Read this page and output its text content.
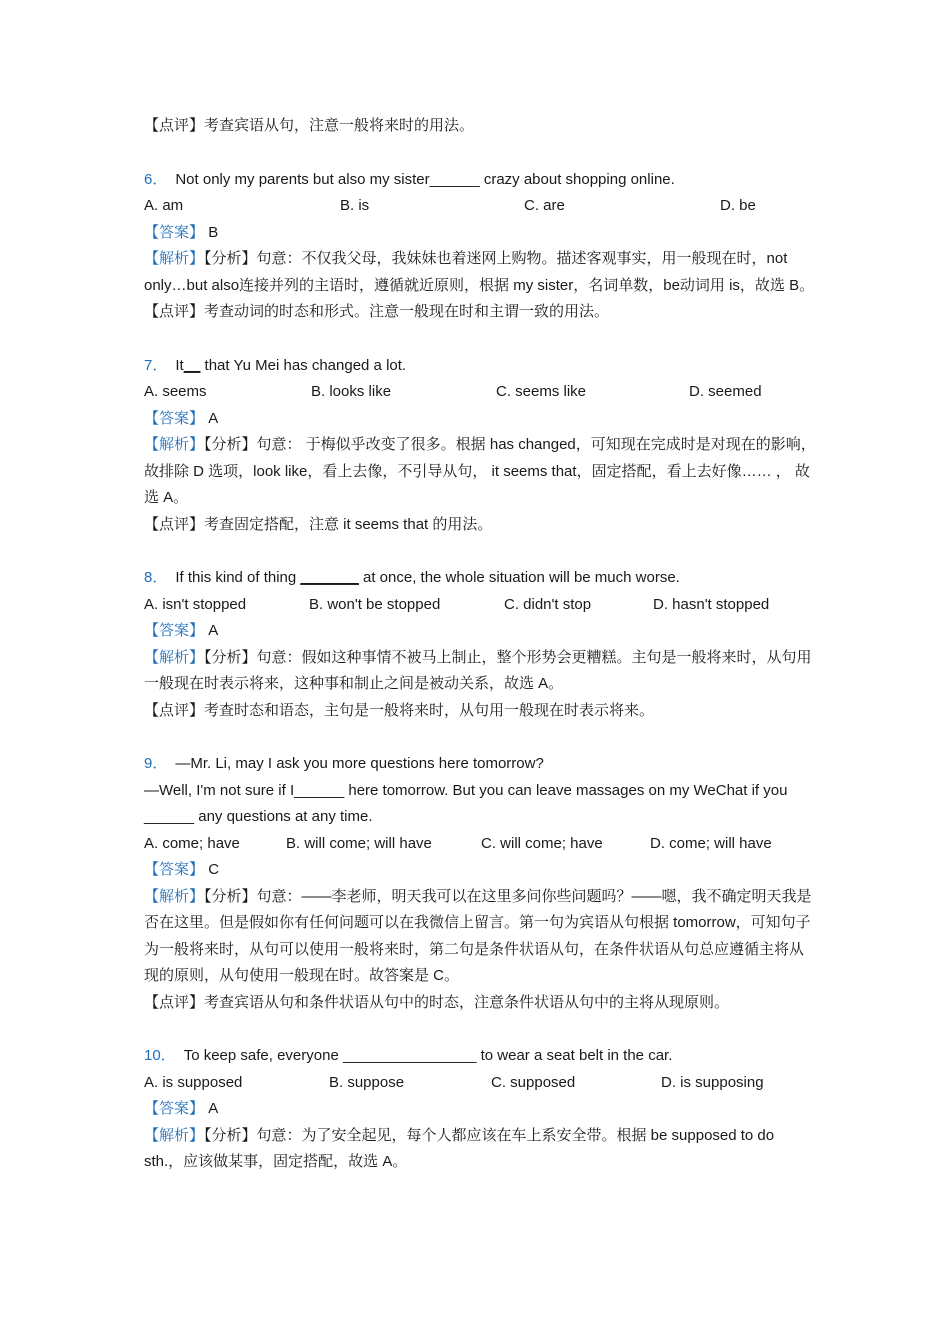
【点评】考查宾语从句，注意一般将来时的用法。
6． Not only my parents but also my sister______ crazy about shopping online.
A. am	B. is	C. are	D. be
【答案】 B
【解析】【分析】句意：不仅我父母，我妹妹也着迷网上购物。描述客观事实，用一般现在时，not only…but also连接并列的主语时，遵循就近原则，根据 my sister，名词单数，be动词用 is，故选 B。
【点评】考查动词的时态和形式。注意一般现在时和主谓一致的用法。
7． It__ that Yu Mei has changed a lot.
A. seems	B. looks like	C. seems like	D. seemed
【答案】 A
【解析】【分析】句意： 于梅似乎改变了很多。根据 has changed，可知现在完成时是对现在的影响，故排除 D 选项，look like，看上去像，不引导从句， it seems that，固定搭配，看上去好像…… ， 故选 A。
【点评】考查固定搭配，注意 it seems that 的用法。
8． If this kind of thing _______ at once, the whole situation will be much worse.
A. isn't stopped	B. won't be stopped	C. didn't stop	D. hasn't stopped
【答案】 A
【解析】【分析】句意：假如这种事情不被马上制止，整个形势会更糟糕。主句是一般将来时，从句用一般现在时表示将来，这种事和制止之间是被动关系，故选 A。
【点评】考查时态和语态，主句是一般将来时，从句用一般现在时表示将来。
9． —Mr. Li, may I ask you more questions here tomorrow?
—Well, I'm not sure if I______ here tomorrow. But you can leave massages on my WeChat if you ______ any questions at any time.
A. come; have	B. will come; will have	C. will come; have	D. come; will have
【答案】 C
【解析】【分析】句意：——李老师，明天我可以在这里多问你些问题吗？——嗯，我不确定明天我是否在这里。但是假如你有任何问题可以在我微信上留言。第一句为宾语从句根据 tomorrow，可知句子为一般将来时，从句可以使用一般将来时，第二句是条件状语从句，在条件状语从句总应遵循主将从现的原则，从句使用一般现在时。故答案是 C。
【点评】考查宾语从句和条件状语从句中的时态，注意条件状语从句中的主将从现原则。
10． To keep safe, everyone ________________ to wear a seat belt in the car.
A. is supposed	B. suppose	C. supposed	D. is supposing
【答案】 A
【解析】【分析】句意：为了安全起见，每个人都应该在车上系安全带。根据 be supposed to do sth.，应该做某事，固定搭配，故选 A。
